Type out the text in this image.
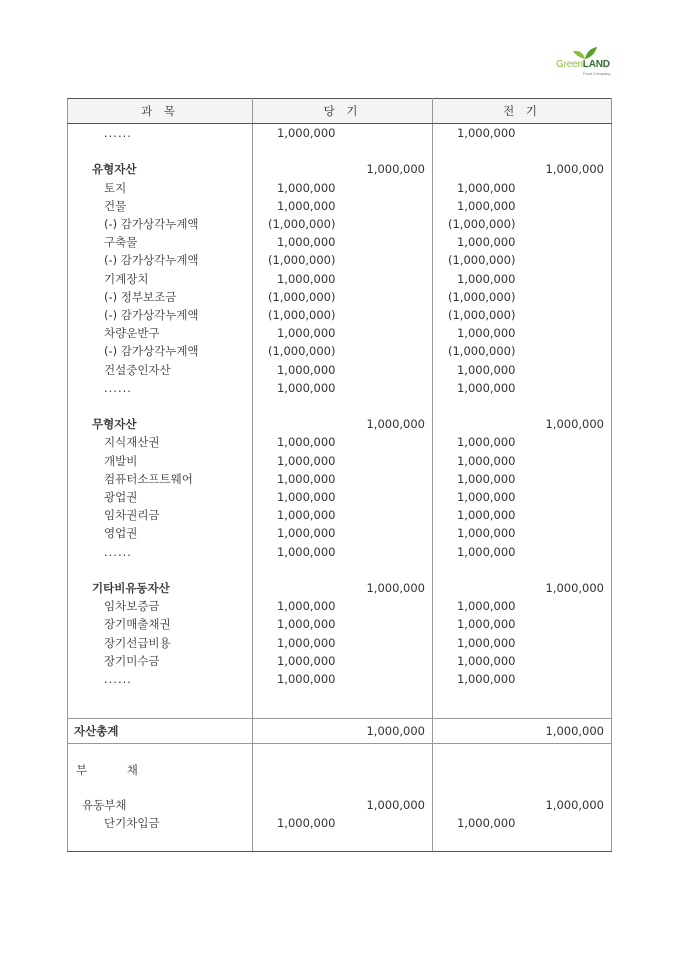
GreenLAND
Food Company
과 목	당 기		전 기	
......	1,000,000		1,000,000	

유형자산		1,000,000		1,000,000
토지	1,000,000		1,000,000	
건물	1,000,000		1,000,000	
(-) 감가상각누계액	(1,000,000)		(1,000,000)	
구축물	1,000,000		1,000,000	
(-) 감가상각누계액	(1,000,000)		(1,000,000)	
기계장치	1,000,000		1,000,000	
(-) 정부보조금	(1,000,000)		(1,000,000)	
(-) 감가상각누계액	(1,000,000)		(1,000,000)	
차량운반구	1,000,000		1,000,000	
(-) 감가상각누계액	(1,000,000)		(1,000,000)	
건설중인자산	1,000,000		1,000,000	
......	1,000,000		1,000,000	

무형자산		1,000,000		1,000,000
지식재산권	1,000,000		1,000,000	
개발비	1,000,000		1,000,000	
컴퓨터소프트웨어	1,000,000		1,000,000	
광업권	1,000,000		1,000,000	
임차권리금	1,000,000		1,000,000	
영업권	1,000,000		1,000,000	
......	1,000,000		1,000,000	

기타비유동자산		1,000,000		1,000,000
임차보증금	1,000,000		1,000,000	
장기매출채권	1,000,000		1,000,000	
장기선급비용	1,000,000		1,000,000	
장기미수금	1,000,000		1,000,000	
......	1,000,000		1,000,000	

자산총계		1,000,000		1,000,000
부 채				
유동부채		1,000,000		1,000,000
단기차입금	1,000,000		1,000,000	
